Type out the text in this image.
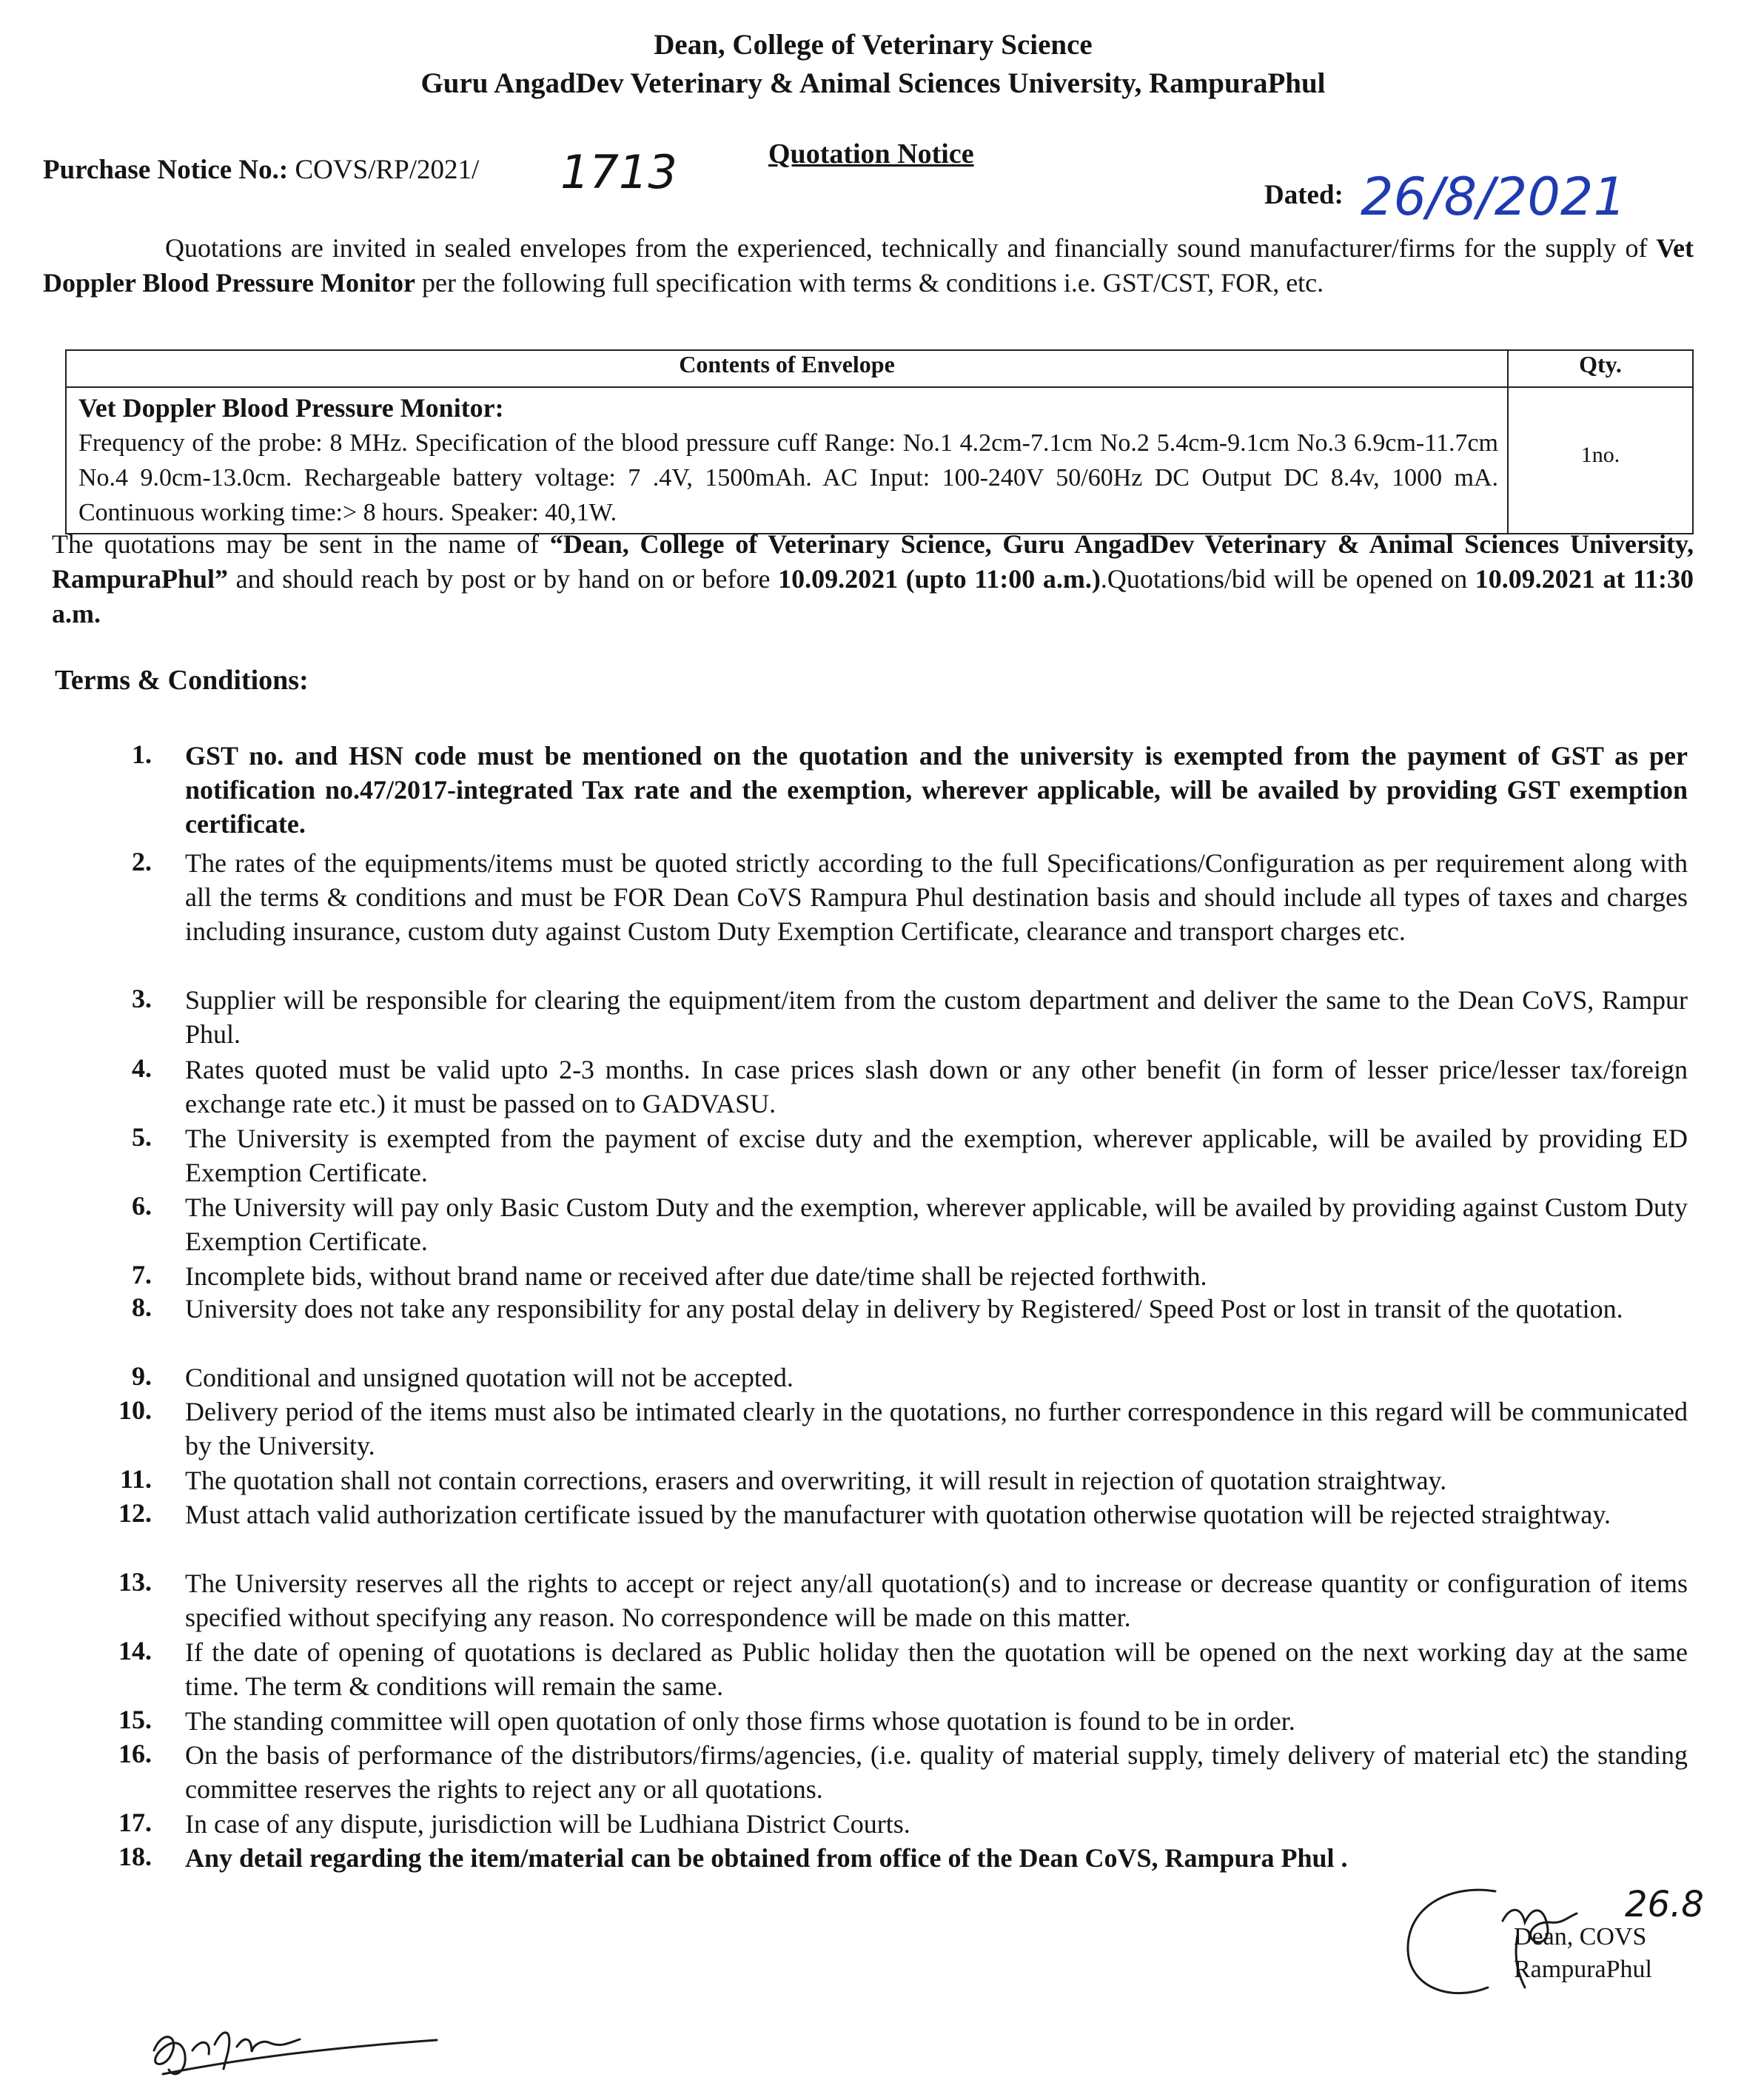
Dean, College of Veterinary Science
Guru AngadDev Veterinary & Animal Sciences University, RampuraPhul
Purchase Notice No.: COVS/RP/2021/ 1713	Quotation Notice
Dated: 26/8/2021
Quotations are invited in sealed envelopes from the experienced, technically and financially sound manufacturer/firms for the supply of Vet Doppler Blood Pressure Monitor per the following full specification with terms & conditions i.e. GST/CST, FOR, etc.
Contents of Envelope	Qty.

Vet Doppler Blood Pressure Monitor:
Frequency of the probe: 8 MHz. Specification of the blood pressure cuff Range: No.1 4.2cm-7.1cm No.2 5.4cm-9.1cm No.3 6.9cm-11.7cm No.4 9.0cm-13.0cm. Rechargeable battery voltage: 7 .4V, 1500mAh. AC Input: 100-240V 50/60Hz DC Output DC 8.4v, 1000 mA. Continuous working time:> 8 hours. Speaker: 40,1W.	1no.
The quotations may be sent in the name of “Dean, College of Veterinary Science, Guru AngadDev Veterinary & Animal Sciences University, RampuraPhul” and should reach by post or by hand on or before 10.09.2021 (upto 11:00 a.m.).Quotations/bid will be opened on 10.09.2021 at 11:30 a.m.
Terms & Conditions:
1. GST no. and HSN code must be mentioned on the quotation and the university is exempted from the payment of GST as per notification no.47/2017-integrated Tax rate and the exemption, wherever applicable, will be availed by providing GST exemption certificate.
2. The rates of the equipments/items must be quoted strictly according to the full Specifications/Configuration as per requirement along with all the terms & conditions and must be FOR Dean CoVS Rampura Phul destination basis and should include all types of taxes and charges including insurance, custom duty against Custom Duty Exemption Certificate, clearance and transport charges etc.
3. Supplier will be responsible for clearing the equipment/item from the custom department and deliver the same to the Dean CoVS, Rampur Phul.
4. Rates quoted must be valid upto 2-3 months. In case prices slash down or any other benefit (in form of lesser price/lesser tax/foreign exchange rate etc.) it must be passed on to GADVASU.
5. The University is exempted from the payment of excise duty and the exemption, wherever applicable, will be availed by providing ED Exemption Certificate.
6. The University will pay only Basic Custom Duty and the exemption, wherever applicable, will be availed by providing against Custom Duty Exemption Certificate.
7. Incomplete bids, without brand name or received after due date/time shall be rejected forthwith.
8. University does not take any responsibility for any postal delay in delivery by Registered/ Speed Post or lost in transit of the quotation.
9. Conditional and unsigned quotation will not be accepted.
10. Delivery period of the items must also be intimated clearly in the quotations, no further correspondence in this regard will be communicated by the University.
11. The quotation shall not contain corrections, erasers and overwriting, it will result in rejection of quotation straightway.
12. Must attach valid authorization certificate issued by the manufacturer with quotation otherwise quotation will be rejected straightway.
13. The University reserves all the rights to accept or reject any/all quotation(s) and to increase or decrease quantity or configuration of items specified without specifying any reason. No correspondence will be made on this matter.
14. If the date of opening of quotations is declared as Public holiday then the quotation will be opened on the next working day at the same time. The term & conditions will remain the same.
15. The standing committee will open quotation of only those firms whose quotation is found to be in order.
16. On the basis of performance of the distributors/firms/agencies, (i.e. quality of material supply, timely delivery of material etc) the standing committee reserves the rights to reject any or all quotations.
17. In case of any dispute, jurisdiction will be Ludhiana District Courts.
18. Any detail regarding the item/material can be obtained from office of the Dean CoVS, Rampura Phul .
Dean, COVS
RampuraPhul
26.8
